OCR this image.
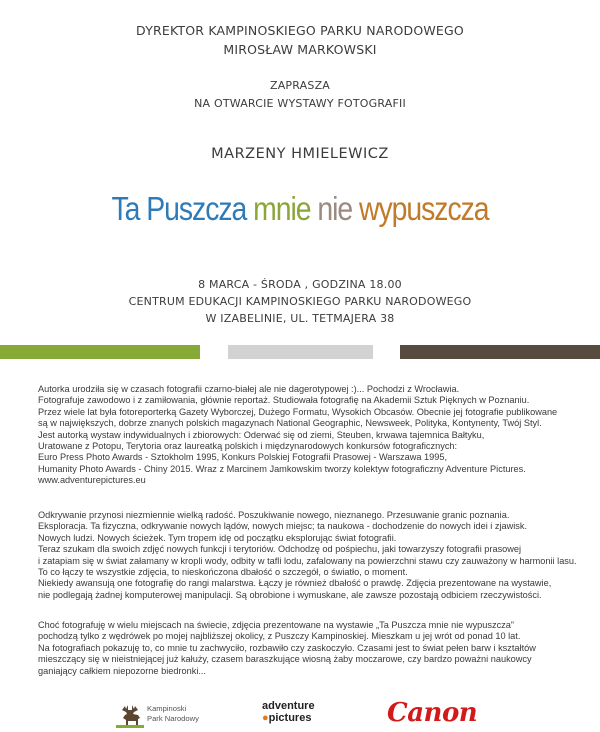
DYREKTOR KAMPINOSKIEGO PARKU NARODOWEGO
MIROSŁAW MARKOWSKI
ZAPRASZA
NA OTWARCIE WYSTAWY FOTOGRAFII
MARZENY HMIELEWICZ
Ta Puszcza mnie nie wypuszcza
8 MARCA - ŚRODA , GODZINA 18.00
CENTRUM EDUKACJI KAMPINOSKIEGO PARKU NARODOWEGO
W IZABELINIE, UL. TETMAJERA 38
Autorka urodziła się w czasach fotografii czarno-białej ale nie dagerotypowej :)... Pochodzi z Wrocławia.
Fotografuje zawodowo i z zamiłowania, głównie reportaż. Studiowała fotografię na Akademii Sztuk Pięknych w Poznaniu.
Przez wiele lat była fotoreporterką Gazety Wyborczej, Dużego Formatu, Wysokich Obcasów. Obecnie jej fotografie publikowane
są w największych, dobrze znanych polskich magazynach National Geographic, Newsweek, Polityka, Kontynenty, Twój Styl.
Jest autorką wystaw indywidualnych i zbiorowych: Oderwać się od ziemi, Steuben, krwawa tajemnica Bałtyku,
Uratowane z Potopu, Terytoria oraz laureatką polskich i międzynarodowych konkursów fotograficznych:
Euro Press Photo Awards - Sztokholm 1995, Konkurs Polskiej Fotografii Prasowej - Warszawa 1995,
Humanity Photo Awards - Chiny 2015. Wraz z Marcinem Jamkowskim tworzy kolektyw fotograficzny Adventure Pictures.
www.adventurepictures.eu
Odkrywanie przynosi niezmiennie wielką radość. Poszukiwanie nowego, nieznanego. Przesuwanie granic poznania.
Eksploracja. Ta fizyczna, odkrywanie nowych lądów, nowych miejsc; ta naukowa - dochodzenie do nowych idei i zjawisk.
Nowych ludzi. Nowych ścieżek. Tym tropem idę od początku eksplorując świat fotografii.
Teraz szukam dla swoich zdjęć nowych funkcji i terytoriów. Odchodzę od pośpiechu, jaki towarzyszy fotografii prasowej
i zatapiam się w świat załamany w kropli wody, odbity w tafli lodu, zafalowany na powierzchni stawu czy zauważony w harmonii lasu.
To co łączy te wszystkie zdjęcia, to nieskończona dbałość o szczegół, o światło, o moment.
Niekiedy awansują one fotografię do rangi malarstwa. Łączy je również dbałość o prawdę. Zdjęcia prezentowane na wystawie,
nie podlegają żadnej komputerowej manipulacji. Są obrobione i wymuskane, ale zawsze pozostają odbiciem rzeczywistości.
Choć fotografuję w wielu miejscach na świecie, zdjęcia prezentowane na wystawie „Ta Puszcza mnie nie wypuszcza”
pochodzą tylko z wędrówek po mojej najbliższej okolicy, z Puszczy Kampinoskiej. Mieszkam u jej wrót od ponad 10 lat.
Na fotografiach pokazuję to, co mnie tu zachwyciło, rozbawiło czy zaskoczyło. Czasami jest to świat pełen barw i kształtów
mieszczący się w nieistniejącej już kałuży, czasem baraszkujące wiosną żaby moczarowe, czy bardzo poważni naukowcy
ganiający całkiem niepozorne biedronki...
Kampinoski
Park Narodowy
adventure
●pictures	Canon
